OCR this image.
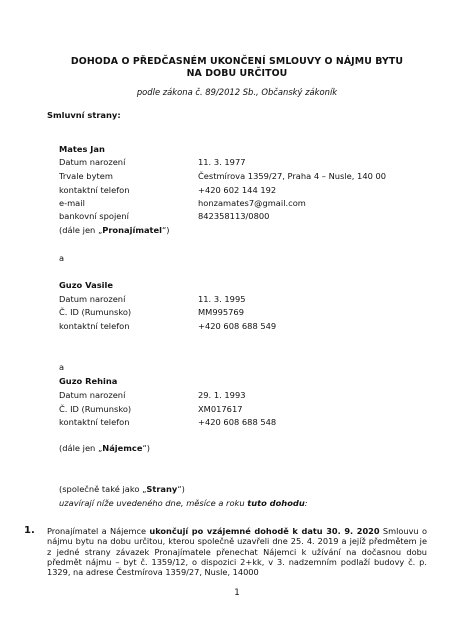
DOHODA O PŘEDČASNÉM UKONČENÍ SMLOUVY O NÁJMU BYTU
NA DOBU URČITOU
podle zákona č. 89/2012 Sb., Občanský zákoník
Smluvní strany:
Mates Jan
Datum narození	11. 3. 1977
Trvale bytem	Čestmírova 1359/27, Praha 4 – Nusle, 140 00
kontaktní telefon	+420 602 144 192
e-mail	honzamates7@gmail.com
bankovní spojení	842358113/0800
(dále jen „Pronajímatel“)
a
Guzo Vasile
Datum narození	11. 3. 1995
Č. ID (Rumunsko)	MM995769
kontaktní telefon	+420 608 688 549
a
Guzo Rehina
Datum narození	29. 1. 1993
Č. ID (Rumunsko)	XM017617
kontaktní telefon	+420 608 688 548
(dále jen „Nájemce“)
(společně také jako „Strany“)
uzavírají níže uvedeného dne, měsíce a roku tuto dohodu:
1. Pronajímatel a Nájemce ukončují po vzájemné dohodě k datu 30. 9. 2020 Smlouvu o nájmu bytu na dobu určitou, kterou společně uzavřeli dne 25. 4. 2019 a jejíž předmětem je z jedné strany závazek Pronajímatele přenechat Nájemci k užívání na dočasnou dobu předmět nájmu – byt č. 1359/12, o dispozici 2+kk, v 3. nadzemním podlaží budovy č. p. 1329, na adrese Čestmírova 1359/27, Nusle, 14000
1
